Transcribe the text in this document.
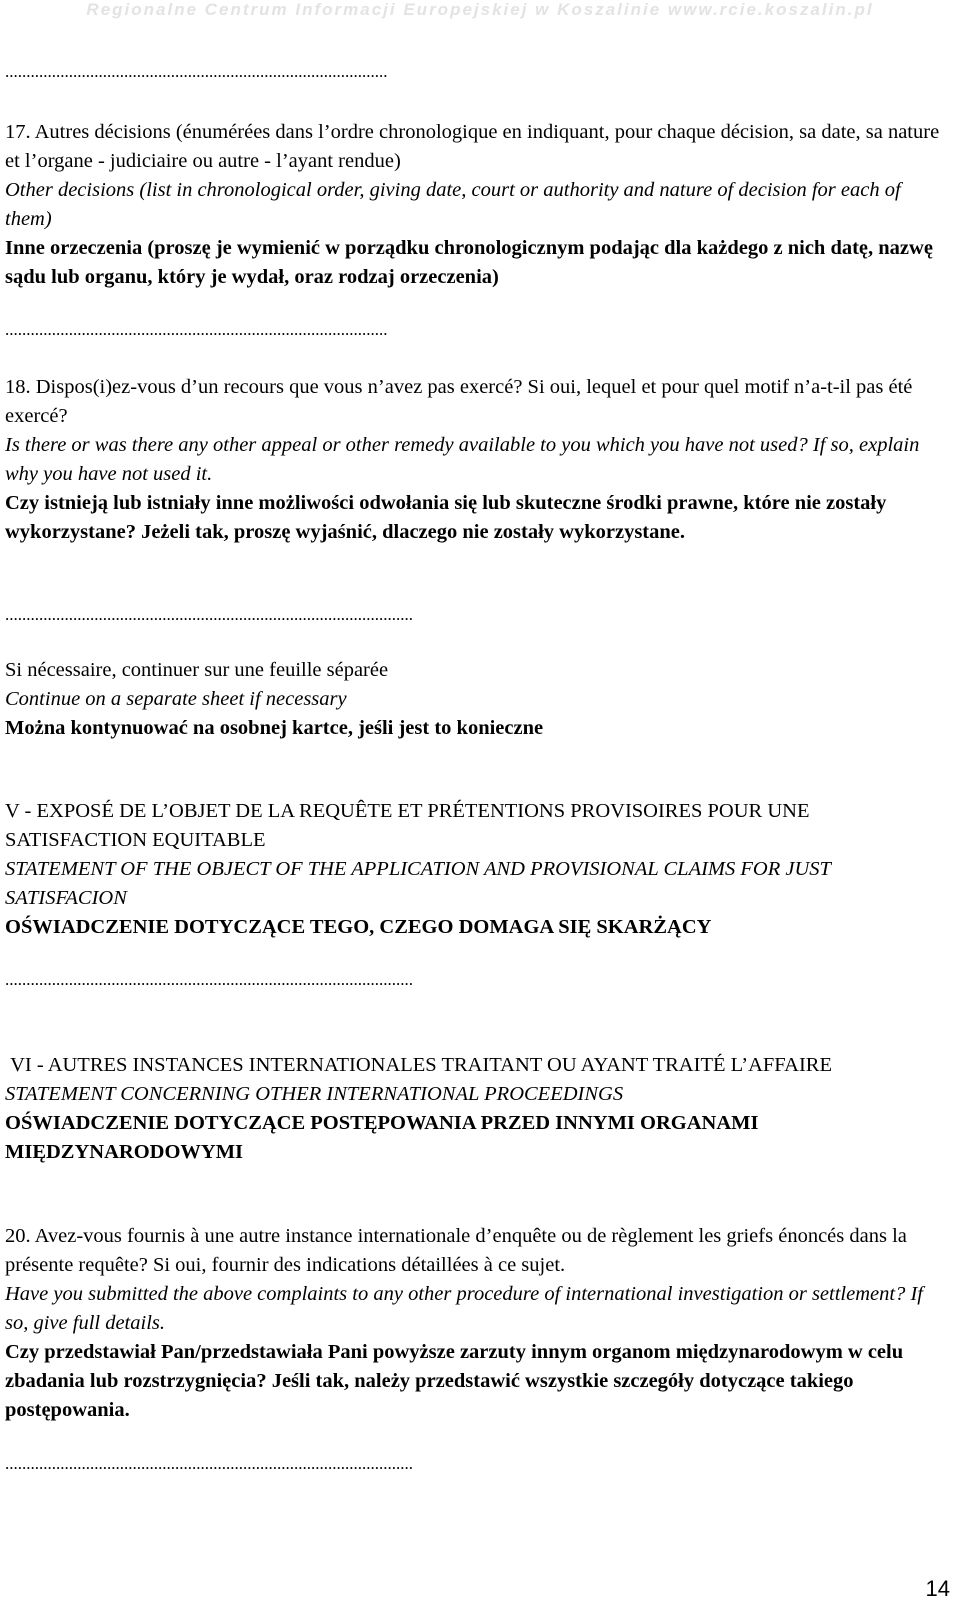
Regionalne Centrum Informacji Europejskiej w Koszalinie www.rcie.koszalin.pl
..........................................................................................

17. Autres décisions (énumérées dans l’ordre chronologique en indiquant, pour chaque décision, sa date, sa nature et l’organe - judiciaire ou autre - l’ayant rendue)

Other decisions (list in chronological order, giving date, court or authority and nature of decision for each of them)

Inne orzeczenia (proszę je wymienić w porządku chronologicznym podając dla każdego z nich datę, nazwę sądu lub organu, który je wydał, oraz rodzaj orzeczenia)

..........................................................................................

18. Dispos(i)ez-vous d’un recours que vous n’avez pas exercé? Si oui, lequel et pour quel motif n’a-t-il pas été exercé?

Is there or was there any other appeal or other remedy available to you which you have not used? If so, explain why you have not used it.

Czy istnieją lub istniały inne możliwości odwołania się lub skuteczne środki prawne, które nie zostały wykorzystane? Jeżeli tak, proszę wyjaśnić, dlaczego nie zostały wykorzystane.

................................................................................................

Si nécessaire, continuer sur une feuille séparée

Continue on a separate sheet if necessary

Można kontynuować na osobnej kartce, jeśli jest to konieczne

V - EXPOSÉ DE L’OBJET DE LA REQUÊTE ET PRÉTENTIONS PROVISOIRES POUR UNE SATISFACTION EQUITABLE

STATEMENT OF THE OBJECT OF THE APPLICATION AND PROVISIONAL CLAIMS FOR JUST SATISFACION

OŚWIADCZENIE DOTYCZĄCE TEGO, CZEGO DOMAGA SIĘ SKARŻĄCY

................................................................................................

VI - AUTRES INSTANCES INTERNATIONALES TRAITANT OU AYANT TRAITÉ L’AFFAIRE

STATEMENT CONCERNING OTHER INTERNATIONAL PROCEEDINGS

OŚWIADCZENIE DOTYCZĄCE POSTĘPOWANIA PRZED INNYMI ORGANAMI MIĘDZYNARODOWYMI

20. Avez-vous fournis à une autre instance internationale d’enquête ou de règlement les griefs énoncés dans la présente requête? Si oui, fournir des indications détaillées à ce sujet.

Have you submitted the above complaints to any other procedure of international investigation or settlement? If so, give full details.

Czy przedstawiał Pan/przedstawiała Pani powyższe zarzuty innym organom międzynarodowym w celu zbadania lub rozstrzygnięcia? Jeśli tak, należy przedstawić wszystkie szczegóły dotyczące takiego postępowania.

................................................................................................
14
